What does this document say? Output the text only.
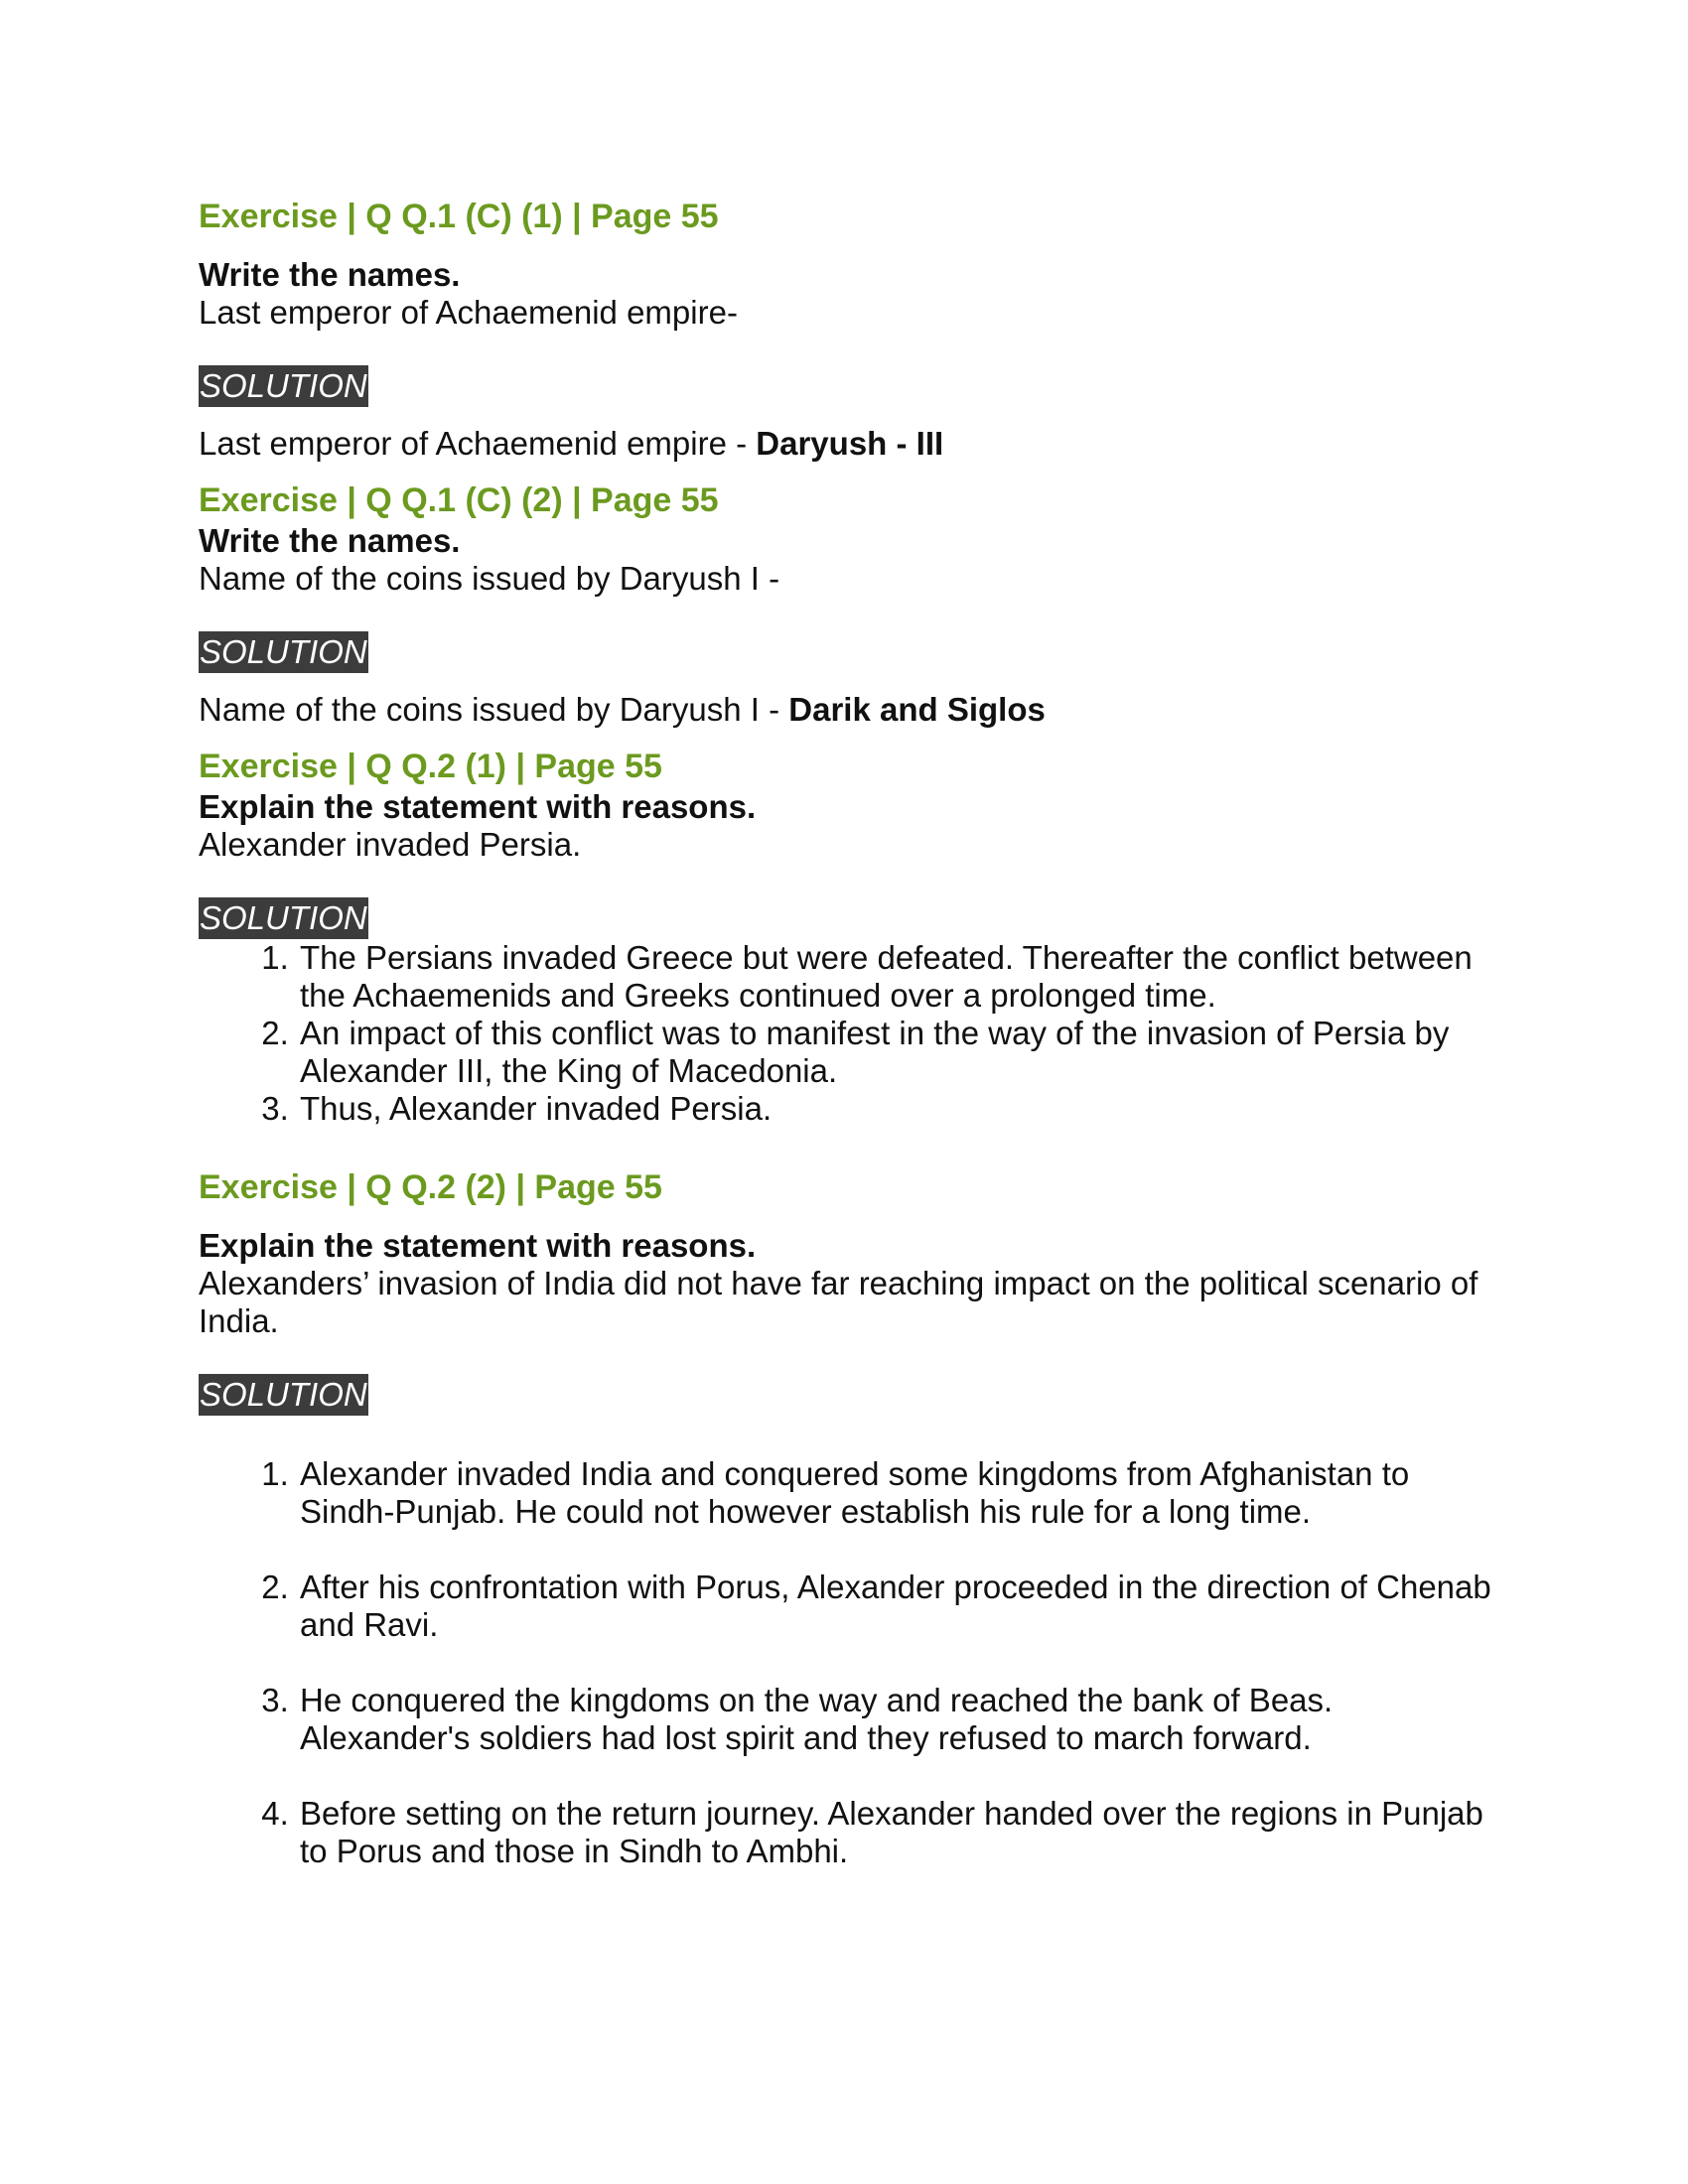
Exercise | Q Q.1 (C) (1) | Page 55

Write the names.

Last emperor of Achaemenid empire-

SOLUTION

Last emperor of Achaemenid empire - Daryush - III

Exercise | Q Q.1 (C) (2) | Page 55

Write the names.

Name of the coins issued by Daryush I -

SOLUTION

Name of the coins issued by Daryush I - Darik and Siglos

Exercise | Q Q.2 (1) | Page 55

Explain the statement with reasons.

Alexander invaded Persia.

SOLUTION
1. The Persians invaded Greece but were defeated. Thereafter the conflict between the Achaemenids and Greeks continued over a prolonged time.
2. An impact of this conflict was to manifest in the way of the invasion of Persia by Alexander III, the King of Macedonia.
3. Thus, Alexander invaded Persia.

Exercise | Q Q.2 (2) | Page 55

Explain the statement with reasons.

Alexanders’ invasion of India did not have far reaching impact on the political scenario of India.

SOLUTION
1. Alexander invaded India and conquered some kingdoms from Afghanistan to Sindh-Punjab. He could not however establish his rule for a long time.
2. After his confrontation with Porus, Alexander proceeded in the direction of Chenab and Ravi.
3. He conquered the kingdoms on the way and reached the bank of Beas. Alexander's soldiers had lost spirit and they refused to march forward.
4. Before setting on the return journey. Alexander handed over the regions in Punjab to Porus and those in Sindh to Ambhi.
